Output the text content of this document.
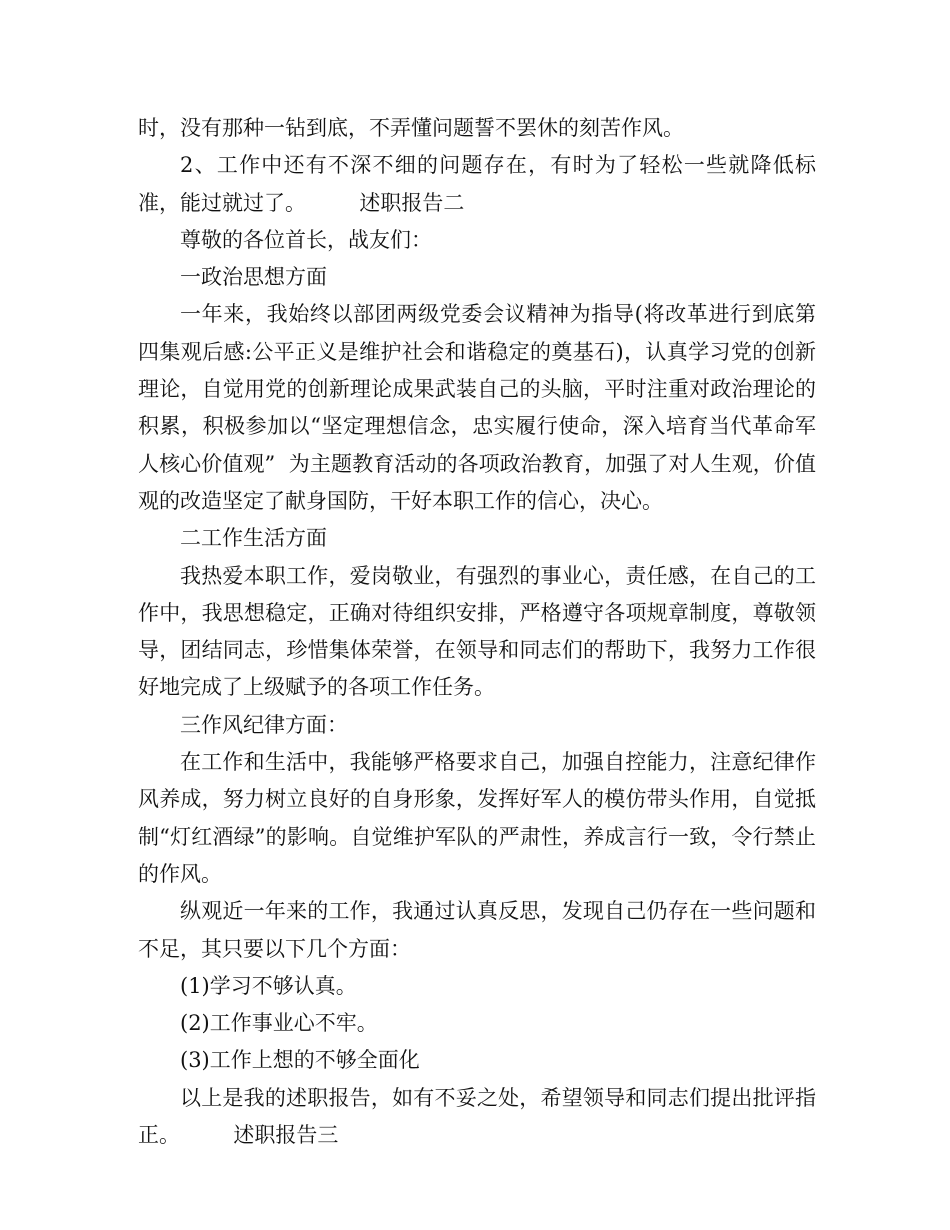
时，没有那种一钻到底，不弄懂问题誓不罢休的刻苦作风。

2、工作中还有不深不细的问题存在，有时为了轻松一些就降低标准，能过就过了。        述职报告二

尊敬的各位首长，战友们：

一政治思想方面

一年来，我始终以部团两级党委会议精神为指导(将改革进行到底第四集观后感:公平正义是维护社会和谐稳定的奠基石)，认真学习党的创新理论，自觉用党的创新理论成果武装自己的头脑，平时注重对政治理论的积累，积极参加以“坚定理想信念，忠实履行使命，深入培育当代革命军人核心价值观”  为主题教育活动的各项政治教育，加强了对人生观，价值观的改造坚定了献身国防，干好本职工作的信心，决心。

二工作生活方面

我热爱本职工作，爱岗敬业，有强烈的事业心，责任感，在自己的工作中，我思想稳定，正确对待组织安排，严格遵守各项规章制度，尊敬领导，团结同志，珍惜集体荣誉，在领导和同志们的帮助下，我努力工作很好地完成了上级赋予的各项工作任务。

三作风纪律方面：

在工作和生活中，我能够严格要求自己，加强自控能力，注意纪律作风养成，努力树立良好的自身形象，发挥好军人的模仿带头作用，自觉抵制“灯红酒绿”的影响。自觉维护军队的严肃性，养成言行一致，令行禁止的作风。

纵观近一年来的工作，我通过认真反思，发现自己仍存在一些问题和不足，其只要以下几个方面：

(1)学习不够认真。

(2)工作事业心不牢。

(3)工作上想的不够全面化

以上是我的述职报告，如有不妥之处，希望领导和同志们提出批评指正。        述职报告三
